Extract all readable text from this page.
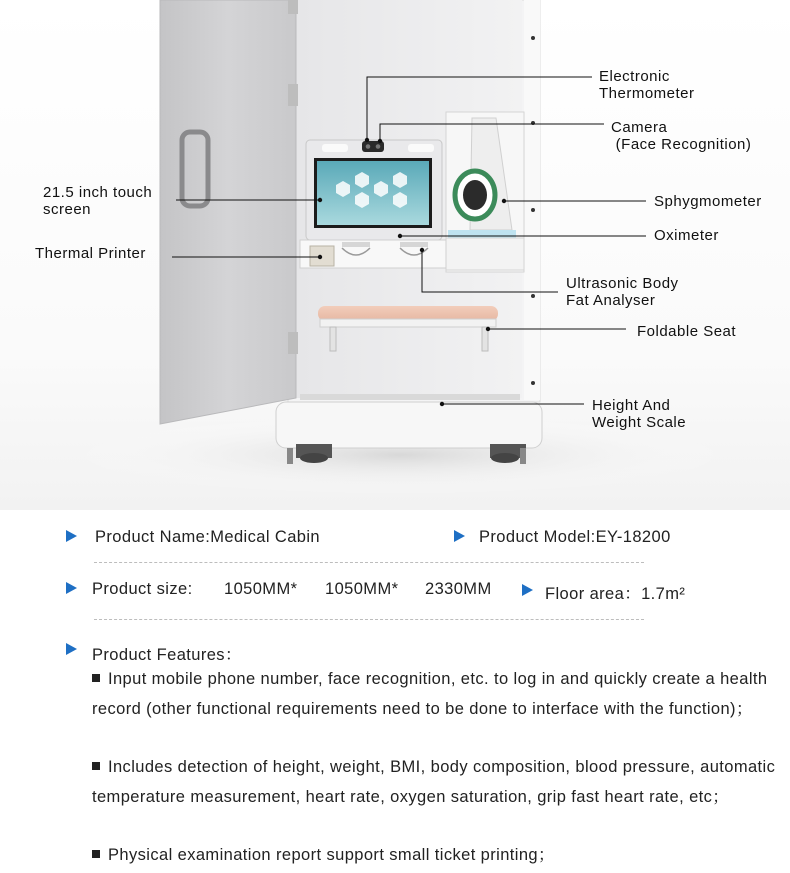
Electronic
Thermometer
Camera
(Face Recognition)
21.5 inch touch
screen	Sphygmometer
Oximeter
Thermal Printer
Ultrasonic Body
Fat Analyser
Foldable Seat
Height And
Weight Scale
Product Name:Medical Cabin	Product Model:EY-18200
Product size: 1050MM* 1050MM* 2330MM	Floor area：1.7m²
Product Features：
Input mobile phone number, face recognition, etc. to log in and quickly create a health record (other functional requirements need to be done to interface with the function)；
Includes detection of height, weight, BMI, body composition, blood pressure, automatic temperature measurement, heart rate, oxygen saturation, grip fast heart rate, etc；
Physical examination report support small ticket printing；
